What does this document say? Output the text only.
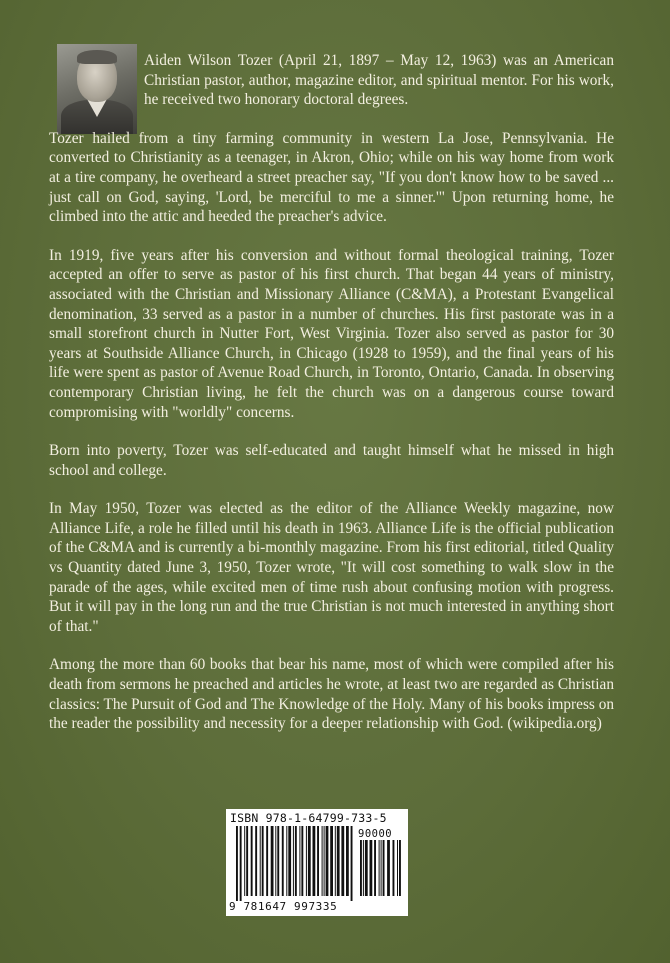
Aiden Wilson Tozer (April 21, 1897 – May 12, 1963) was an American Christian pastor, author, magazine editor, and spiritual mentor. For his work, he received two honorary doctoral degrees.

Tozer hailed from a tiny farming community in western La Jose, Pennsylvania. He converted to Christianity as a teenager, in Akron, Ohio; while on his way home from work at a tire company, he overheard a street preacher say, "If you don't know how to be saved ... just call on God, saying, 'Lord, be merciful to me a sinner.'" Upon returning home, he climbed into the attic and heeded the preacher's advice.

In 1919, five years after his conversion and without formal theological training, Tozer accepted an offer to serve as pastor of his first church. That began 44 years of ministry, associated with the Christian and Missionary Alliance (C&MA), a Protestant Evangelical denomination, 33 served as a pastor in a number of churches. His first pastorate was in a small storefront church in Nutter Fort, West Virginia. Tozer also served as pastor for 30 years at Southside Alliance Church, in Chicago (1928 to 1959), and the final years of his life were spent as pastor of Avenue Road Church, in Toronto, Ontario, Canada. In observing contemporary Christian living, he felt the church was on a dangerous course toward compromising with "worldly" concerns.

Born into poverty, Tozer was self-educated and taught himself what he missed in high school and college.

In May 1950, Tozer was elected as the editor of the Alliance Weekly magazine, now Alliance Life, a role he filled until his death in 1963. Alliance Life is the official publication of the C&MA and is currently a bi-monthly magazine. From his first editorial, titled Quality vs Quantity dated June 3, 1950, Tozer wrote, "It will cost something to walk slow in the parade of the ages, while excited men of time rush about confusing motion with progress. But it will pay in the long run and the true Christian is not much interested in anything short of that."

Among the more than 60 books that bear his name, most of which were compiled after his death from sermons he preached and articles he wrote, at least two are regarded as Christian classics: The Pursuit of God and The Knowledge of the Holy. Many of his books impress on the reader the possibility and necessity for a deeper relationship with God. (wikipedia.org)

ISBN 978-1-64799-733-5
90000
9 781647 997335
